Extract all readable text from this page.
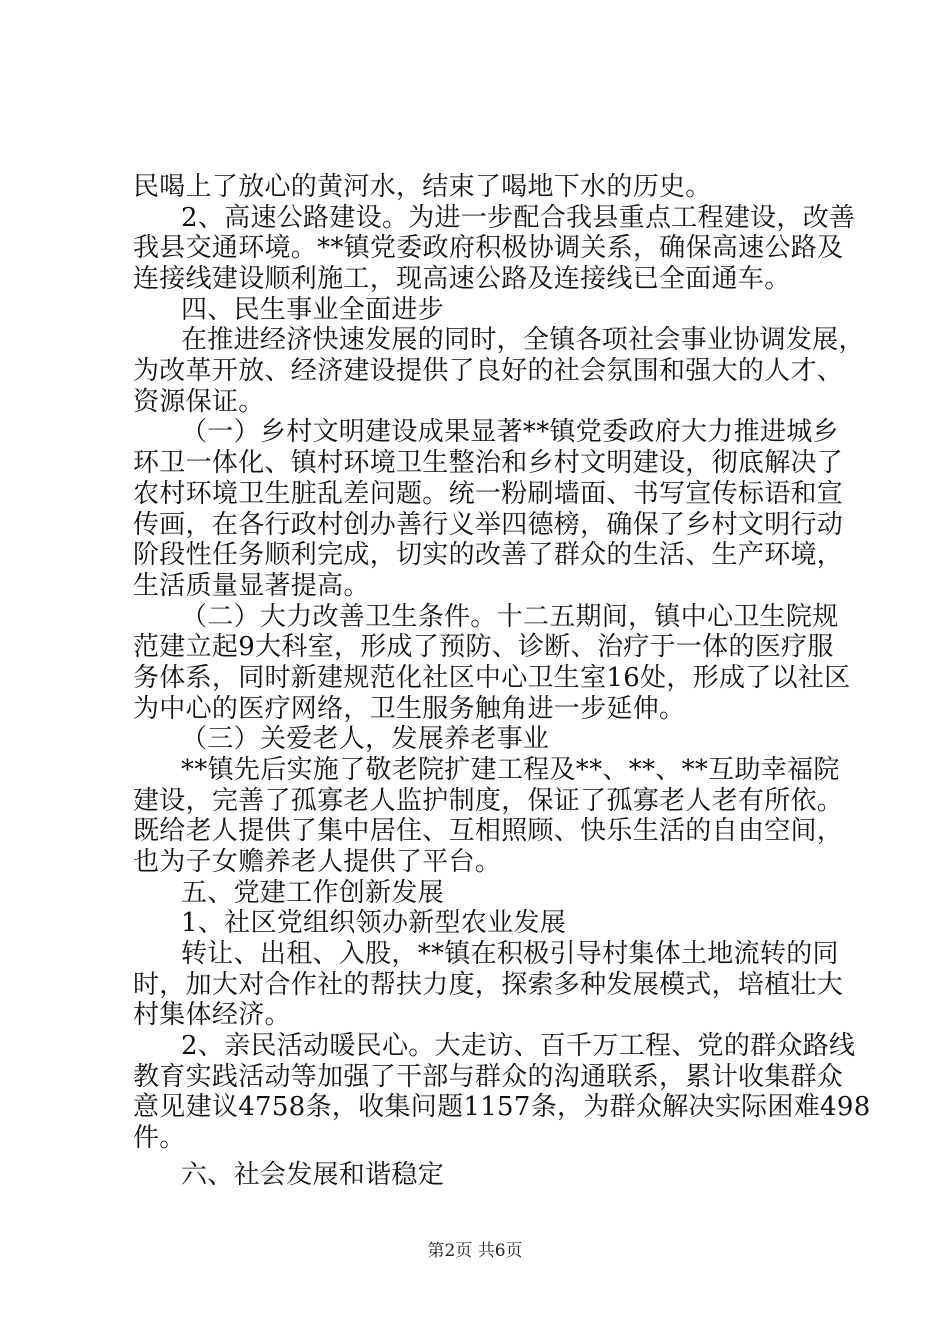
民喝上了放心的黄河水，结束了喝地下水的历史。
2、高速公路建设。为进一步配合我县重点工程建设，改善
我县交通环境。**镇党委政府积极协调关系，确保高速公路及
连接线建设顺利施工，现高速公路及连接线已全面通车。
四、民生事业全面进步
在推进经济快速发展的同时，全镇各项社会事业协调发展，
为改革开放、经济建设提供了良好的社会氛围和强大的人才、
资源保证。
（一）乡村文明建设成果显著**镇党委政府大力推进城乡
环卫一体化、镇村环境卫生整治和乡村文明建设，彻底解决了
农村环境卫生脏乱差问题。统一粉刷墙面、书写宣传标语和宣
传画，在各行政村创办善行义举四德榜，确保了乡村文明行动
阶段性任务顺利完成，切实的改善了群众的生活、生产环境，
生活质量显著提高。
（二）大力改善卫生条件。十二五期间，镇中心卫生院规
范建立起9大科室，形成了预防、诊断、治疗于一体的医疗服
务体系，同时新建规范化社区中心卫生室16处，形成了以社区
为中心的医疗网络，卫生服务触角进一步延伸。
（三）关爱老人，发展养老事业
**镇先后实施了敬老院扩建工程及**、**、**互助幸福院
建设，完善了孤寡老人监护制度，保证了孤寡老人老有所依。
既给老人提供了集中居住、互相照顾、快乐生活的自由空间，
也为子女赡养老人提供了平台。
五、党建工作创新发展
1、社区党组织领办新型农业发展
转让、出租、入股，**镇在积极引导村集体土地流转的同
时，加大对合作社的帮扶力度，探索多种发展模式，培植壮大
村集体经济。
2、亲民活动暖民心。大走访、百千万工程、党的群众路线
教育实践活动等加强了干部与群众的沟通联系，累计收集群众
意见建议4758条，收集问题1157条，为群众解决实际困难498
件。
六、社会发展和谐稳定
第2页 共6页
